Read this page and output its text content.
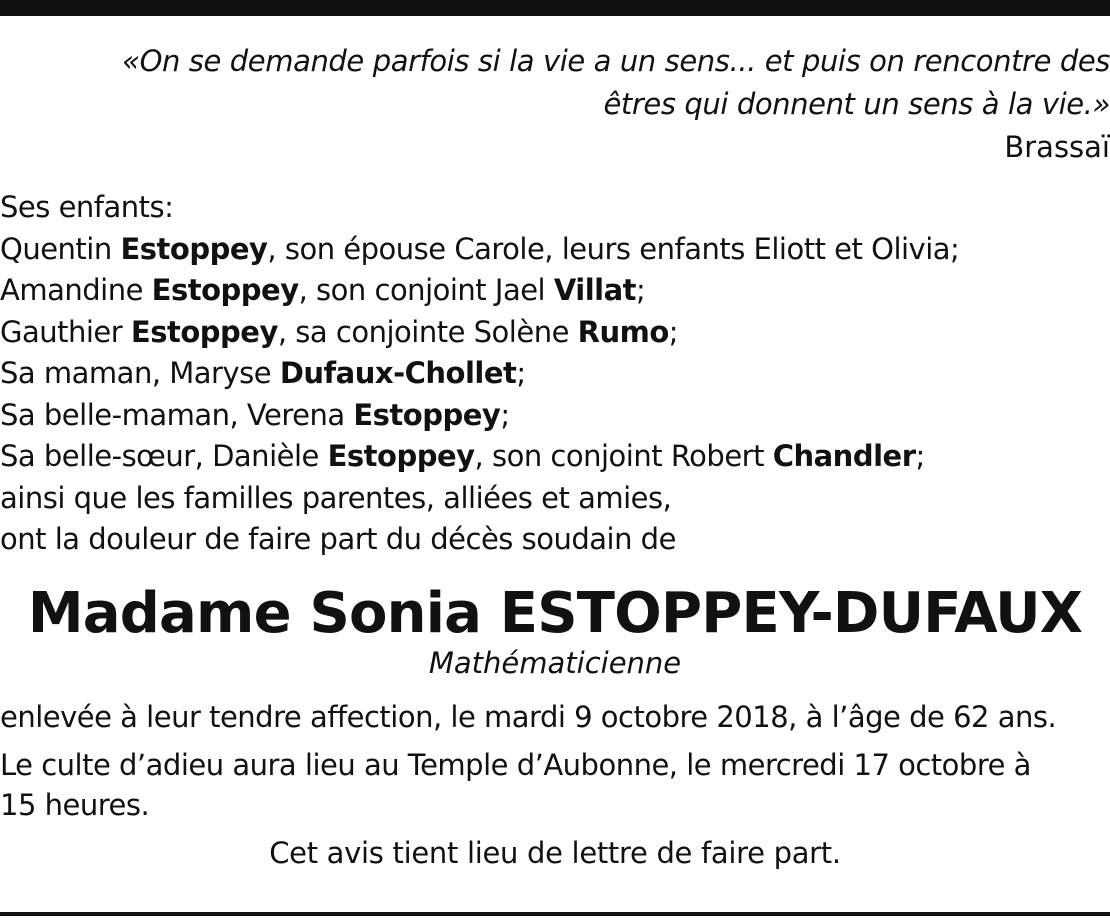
«On se demande parfois si la vie a un sens... et puis on rencontre des
êtres qui donnent un sens à la vie.»
Brassaï
Ses enfants:
Quentin Estoppey, son épouse Carole, leurs enfants Eliott et Olivia;
Amandine Estoppey, son conjoint Jael Villat;
Gauthier Estoppey, sa conjointe Solène Rumo;
Sa maman, Maryse Dufaux-Chollet;
Sa belle-maman, Verena Estoppey;
Sa belle-sœur, Danièle Estoppey, son conjoint Robert Chandler;
ainsi que les familles parentes, alliées et amies,
ont la douleur de faire part du décès soudain de
Madame Sonia ESTOPPEY-DUFAUX
Mathématicienne
enlevée à leur tendre affection, le mardi 9 octobre 2018, à l’âge de 62 ans.
Le culte d’adieu aura lieu au Temple d’Aubonne, le mercredi 17 octobre à
15 heures.
Cet avis tient lieu de lettre de faire part.
